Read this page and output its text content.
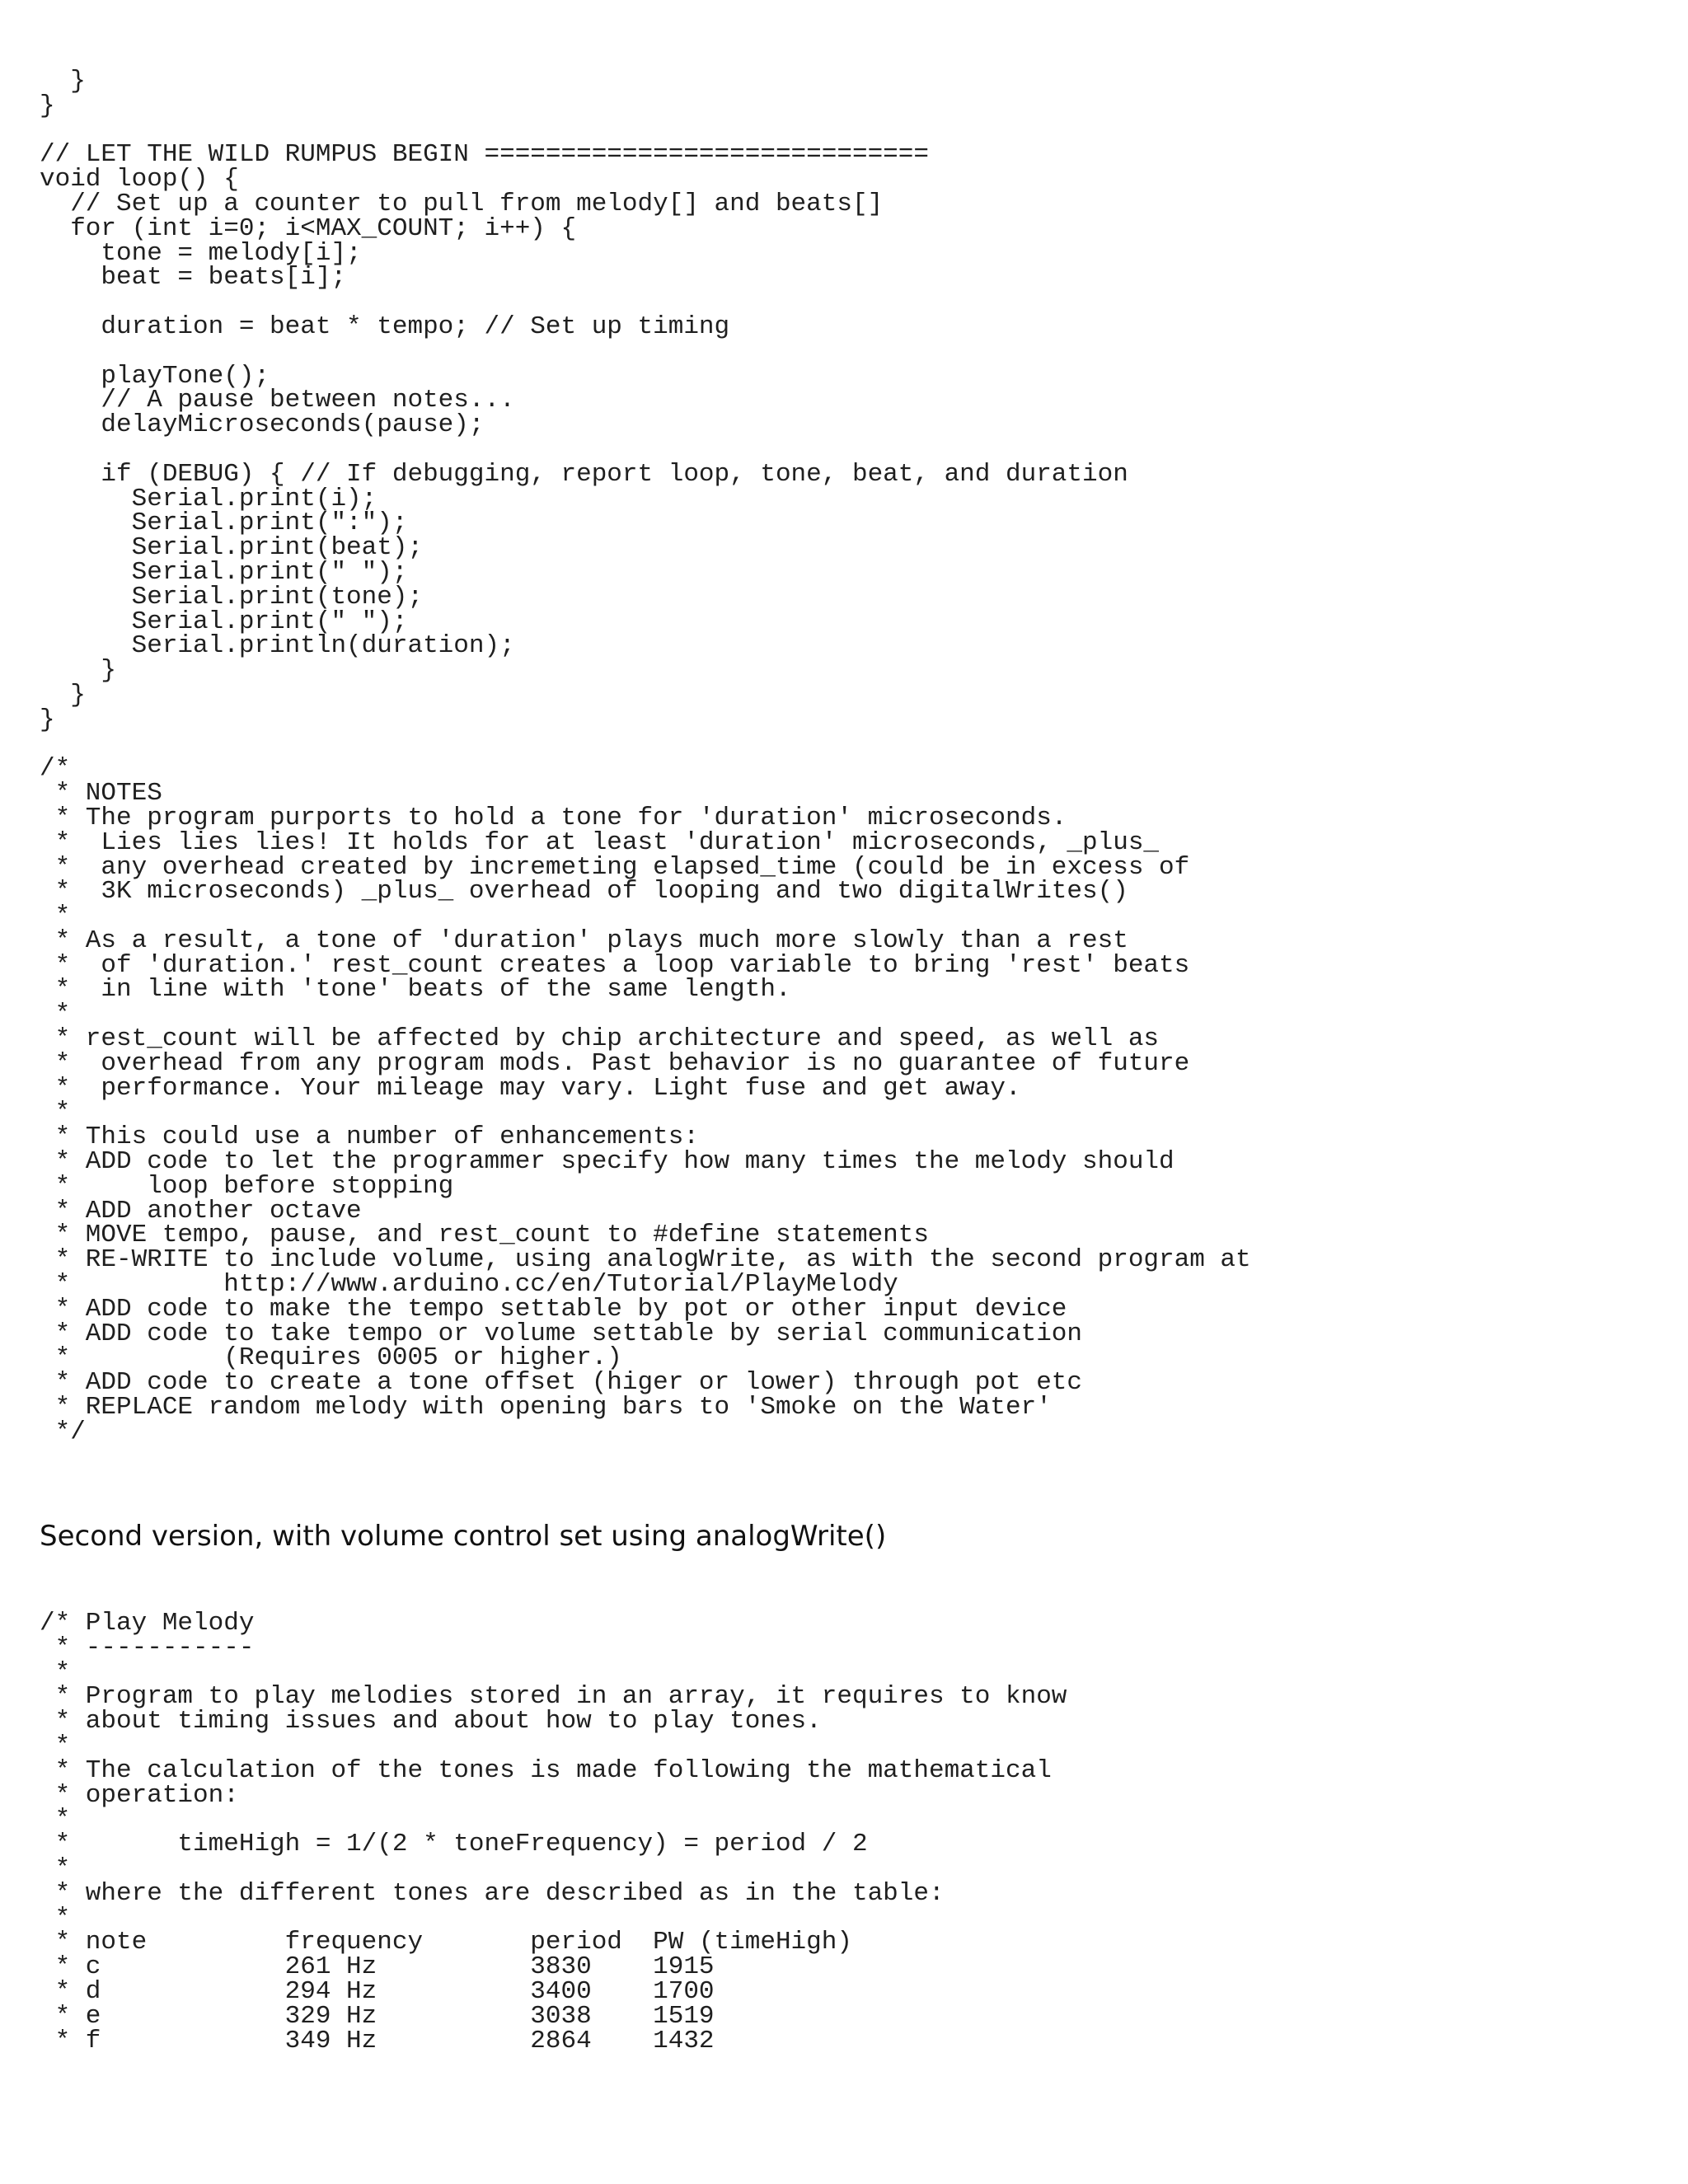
}
}

// LET THE WILD RUMPUS BEGIN =============================
void loop() {
// Set up a counter to pull from melody[] and beats[]
for (int i=0; i<MAX_COUNT; i++) {
tone = melody[i];
beat = beats[i];

duration = beat * tempo; // Set up timing

playTone();
// A pause between notes...
delayMicroseconds(pause);

if (DEBUG) { // If debugging, report loop, tone, beat, and duration
Serial.print(i);
Serial.print(":");
Serial.print(beat);
Serial.print(" ");
Serial.print(tone);
Serial.print(" ");
Serial.println(duration);
}
}
}

/*
* NOTES
* The program purports to hold a tone for 'duration' microseconds.
*  Lies lies lies! It holds for at least 'duration' microseconds, _plus_
*  any overhead created by incremeting elapsed_time (could be in excess of
*  3K microseconds) _plus_ overhead of looping and two digitalWrites()
*
* As a result, a tone of 'duration' plays much more slowly than a rest
*  of 'duration.' rest_count creates a loop variable to bring 'rest' beats
*  in line with 'tone' beats of the same length.
*
* rest_count will be affected by chip architecture and speed, as well as
*  overhead from any program mods. Past behavior is no guarantee of future
*  performance. Your mileage may vary. Light fuse and get away.
*
* This could use a number of enhancements:
* ADD code to let the programmer specify how many times the melody should
*     loop before stopping
* ADD another octave
* MOVE tempo, pause, and rest_count to #define statements
* RE-WRITE to include volume, using analogWrite, as with the second program at
*          http://www.arduino.cc/en/Tutorial/PlayMelody
* ADD code to make the tempo settable by pot or other input device
* ADD code to take tempo or volume settable by serial communication
*          (Requires 0005 or higher.)
* ADD code to create a tone offset (higer or lower) through pot etc
* REPLACE random melody with opening bars to 'Smoke on the Water'
*/

Second version, with volume control set using analogWrite()

/* Play Melody
* -----------
*
* Program to play melodies stored in an array, it requires to know
* about timing issues and about how to play tones.
*
* The calculation of the tones is made following the mathematical
* operation:
*
*       timeHigh = 1/(2 * toneFrequency) = period / 2
*
* where the different tones are described as in the table:
*
* note         frequency       period  PW (timeHigh)
* c            261 Hz          3830    1915
* d            294 Hz          3400    1700
* e            329 Hz          3038    1519
* f            349 Hz          2864    1432
